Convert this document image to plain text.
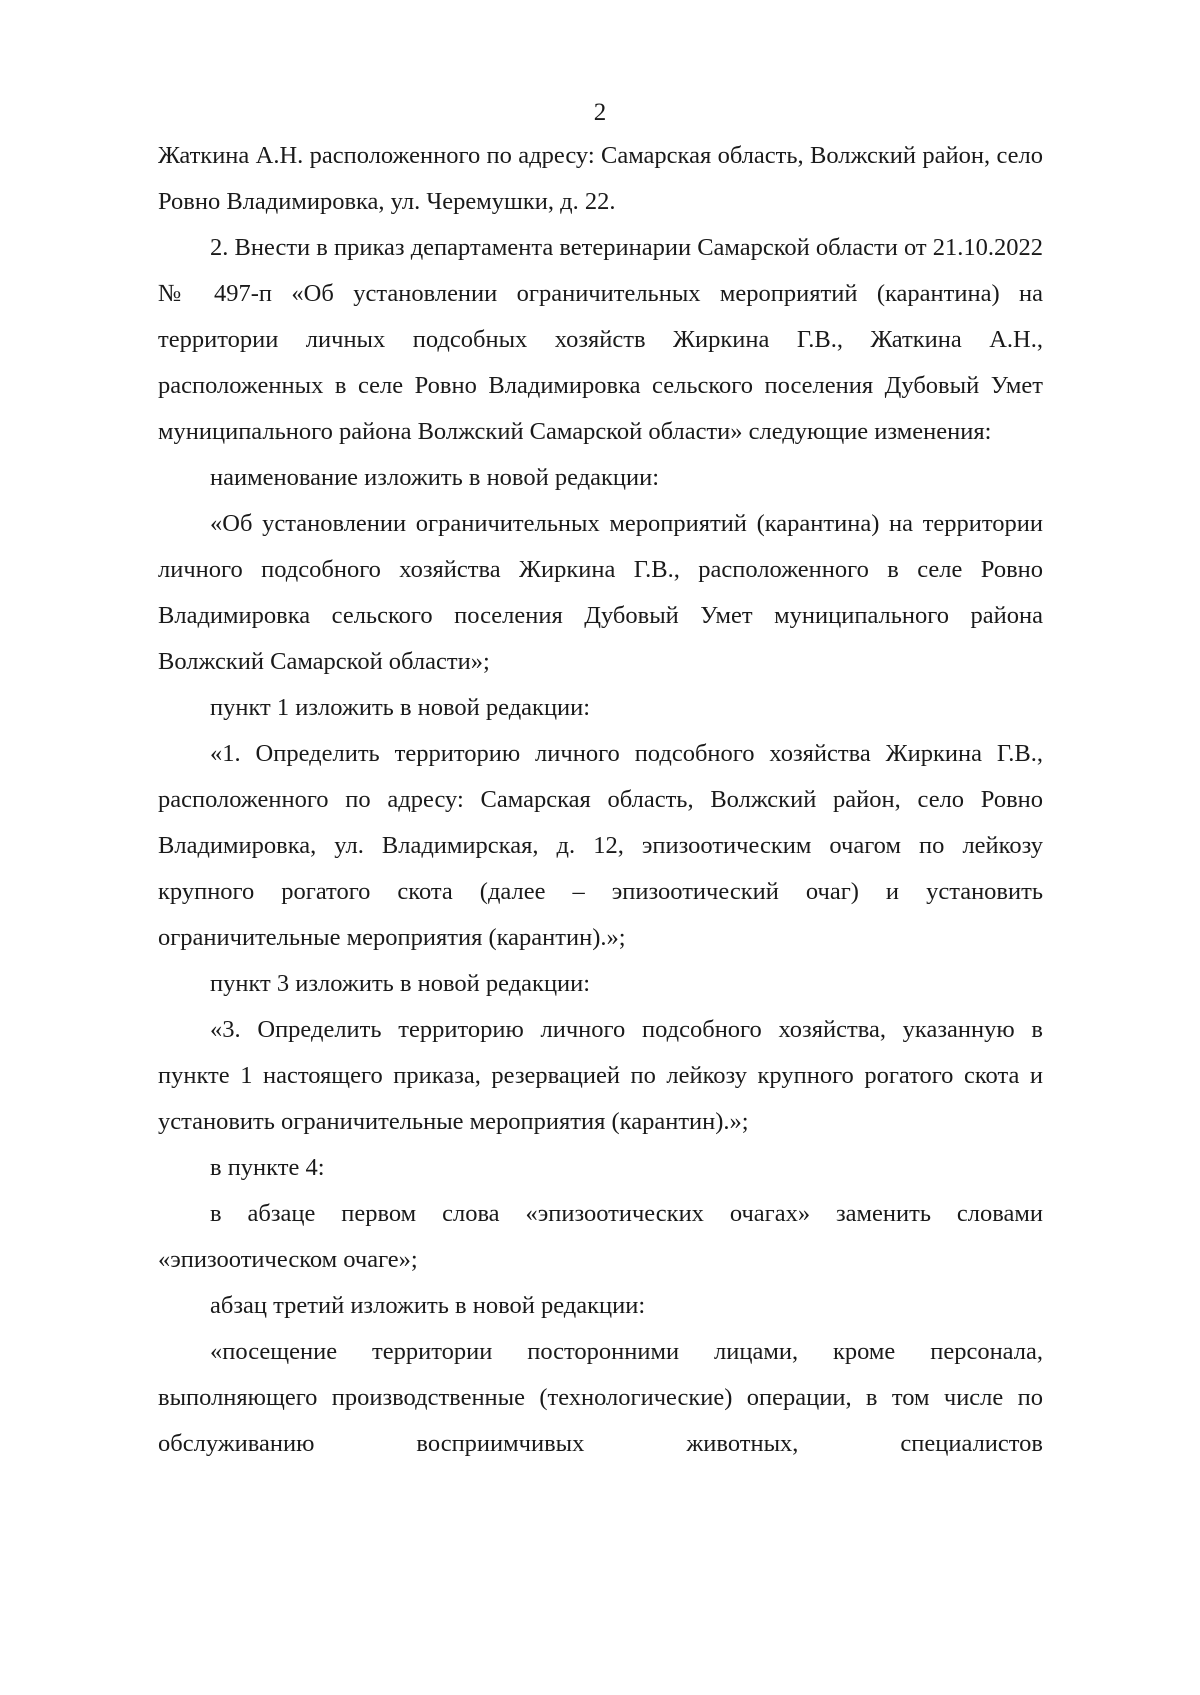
2

Жаткина А.Н. расположенного по адресу: Самарская область, Волжский район, село Ровно Владимировка, ул. Черемушки, д. 22.

2. Внести в приказ департамента ветеринарии Самарской области от 21.10.2022 № 497-п «Об установлении ограничительных мероприятий (карантина) на территории личных подсобных хозяйств Жиркина Г.В., Жаткина А.Н., расположенных в селе Ровно Владимировка сельского поселения Дубовый Умет муниципального района Волжский Самарской области» следующие изменения:

наименование изложить в новой редакции:

«Об установлении ограничительных мероприятий (карантина) на территории личного подсобного хозяйства Жиркина Г.В., расположенного в селе Ровно Владимировка сельского поселения Дубовый Умет муниципального района Волжский Самарской области»;

пункт 1 изложить в новой редакции:

«1. Определить территорию личного подсобного хозяйства Жиркина Г.В., расположенного по адресу: Самарская область, Волжский район, село Ровно Владимировка, ул. Владимирская, д. 12, эпизоотическим очагом по лейкозу крупного рогатого скота (далее – эпизоотический очаг) и установить ограничительные мероприятия (карантин).»;

пункт 3 изложить в новой редакции:

«3. Определить территорию личного подсобного хозяйства, указанную в пункте 1 настоящего приказа, резервацией по лейкозу крупного рогатого скота и установить ограничительные мероприятия (карантин).»;

в пункте 4:

в абзаце первом слова «эпизоотических очагах» заменить словами «эпизоотическом очаге»;

абзац третий изложить в новой редакции:

«посещение территории посторонними лицами, кроме персонала, выполняющего производственные (технологические) операции, в том числе по обслуживанию восприимчивых животных, специалистов
